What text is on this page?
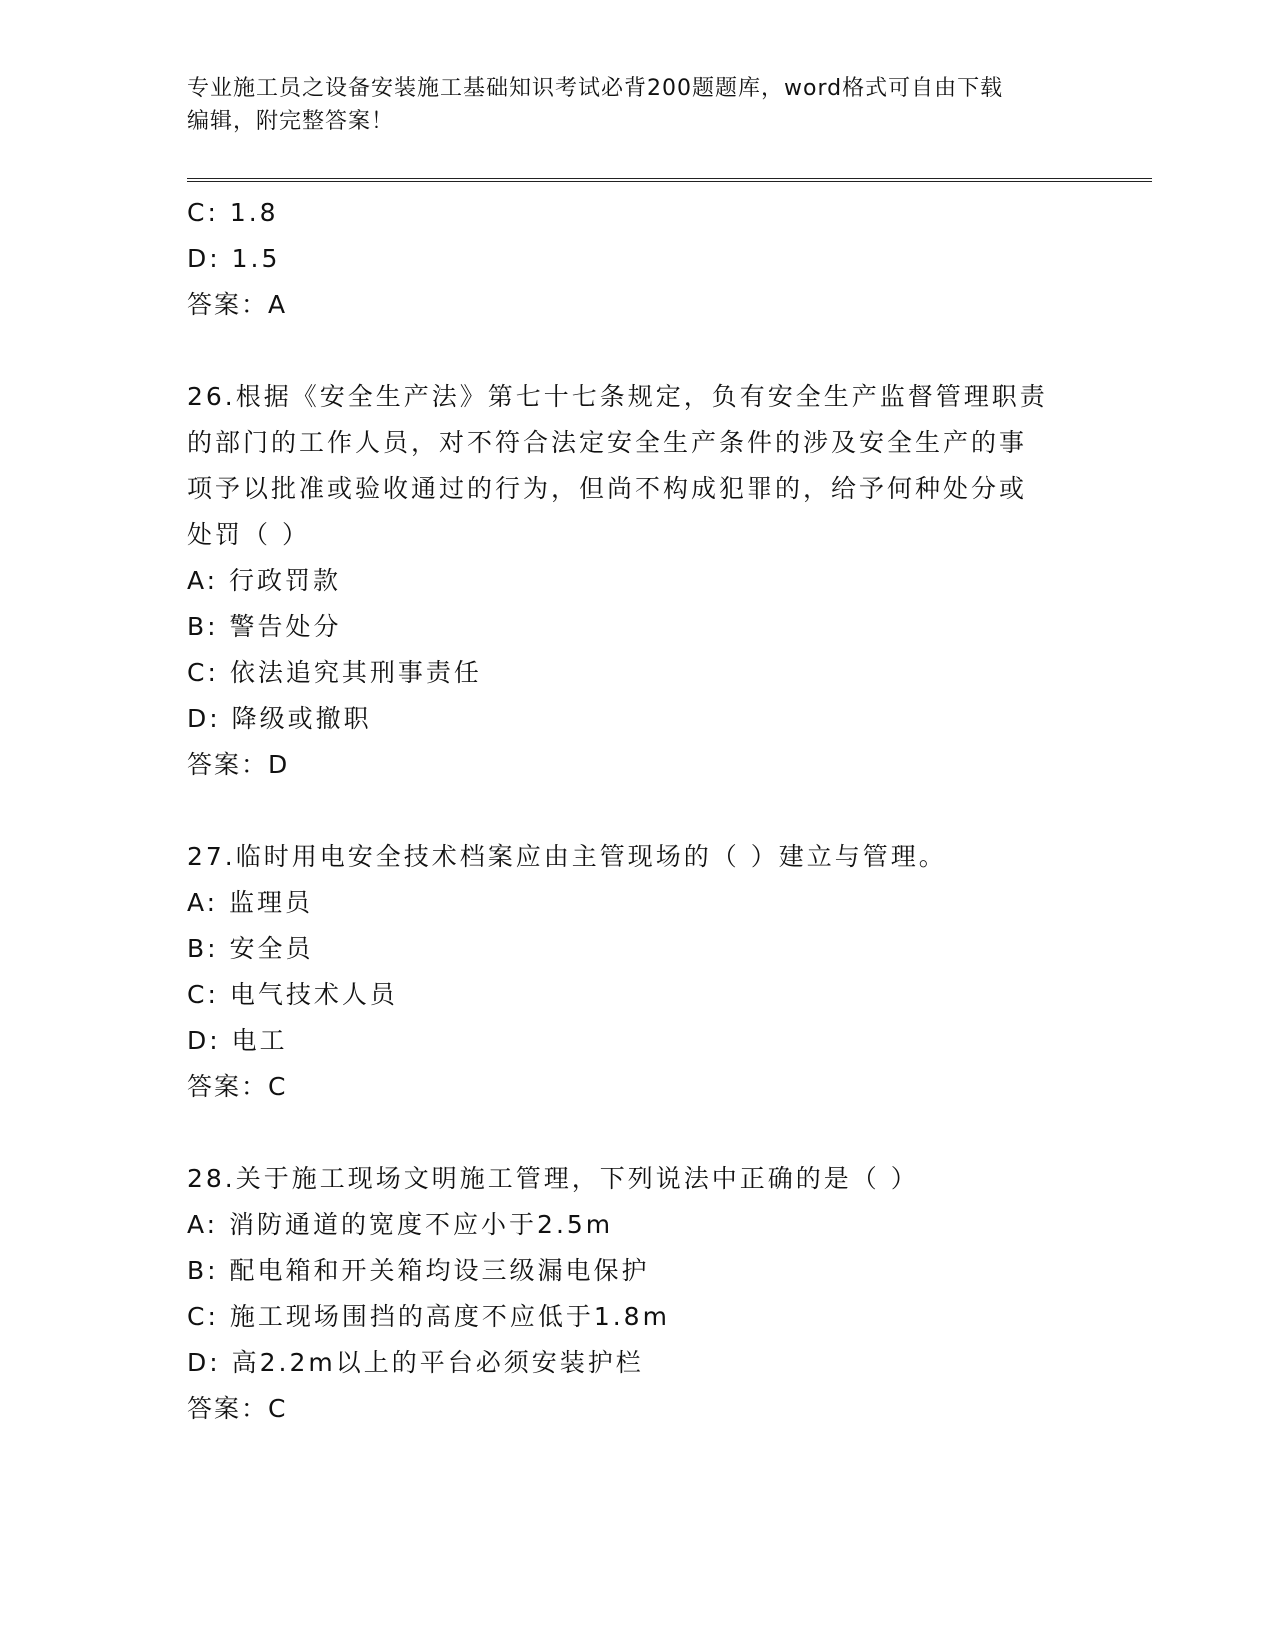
专业施工员之设备安装施工基础知识考试必背200题题库，word格式可自由下载
编辑，附完整答案！
C: 1.8
D: 1.5
答案：A
26.根据《安全生产法》第七十七条规定，负有安全生产监督管理职责
的部门的工作人员，对不符合法定安全生产条件的涉及安全生产的事
项予以批准或验收通过的行为，但尚不构成犯罪的，给予何种处分或
处罚（ ）
A: 行政罚款
B: 警告处分
C: 依法追究其刑事责任
D: 降级或撤职
答案：D
27.临时用电安全技术档案应由主管现场的（ ）建立与管理。
A: 监理员
B: 安全员
C: 电气技术人员
D: 电工
答案：C
28.关于施工现场文明施工管理，下列说法中正确的是（ ）
A: 消防通道的宽度不应小于2.5m
B: 配电箱和开关箱均设三级漏电保护
C: 施工现场围挡的高度不应低于1.8m
D: 高2.2m以上的平台必须安装护栏
答案：C
